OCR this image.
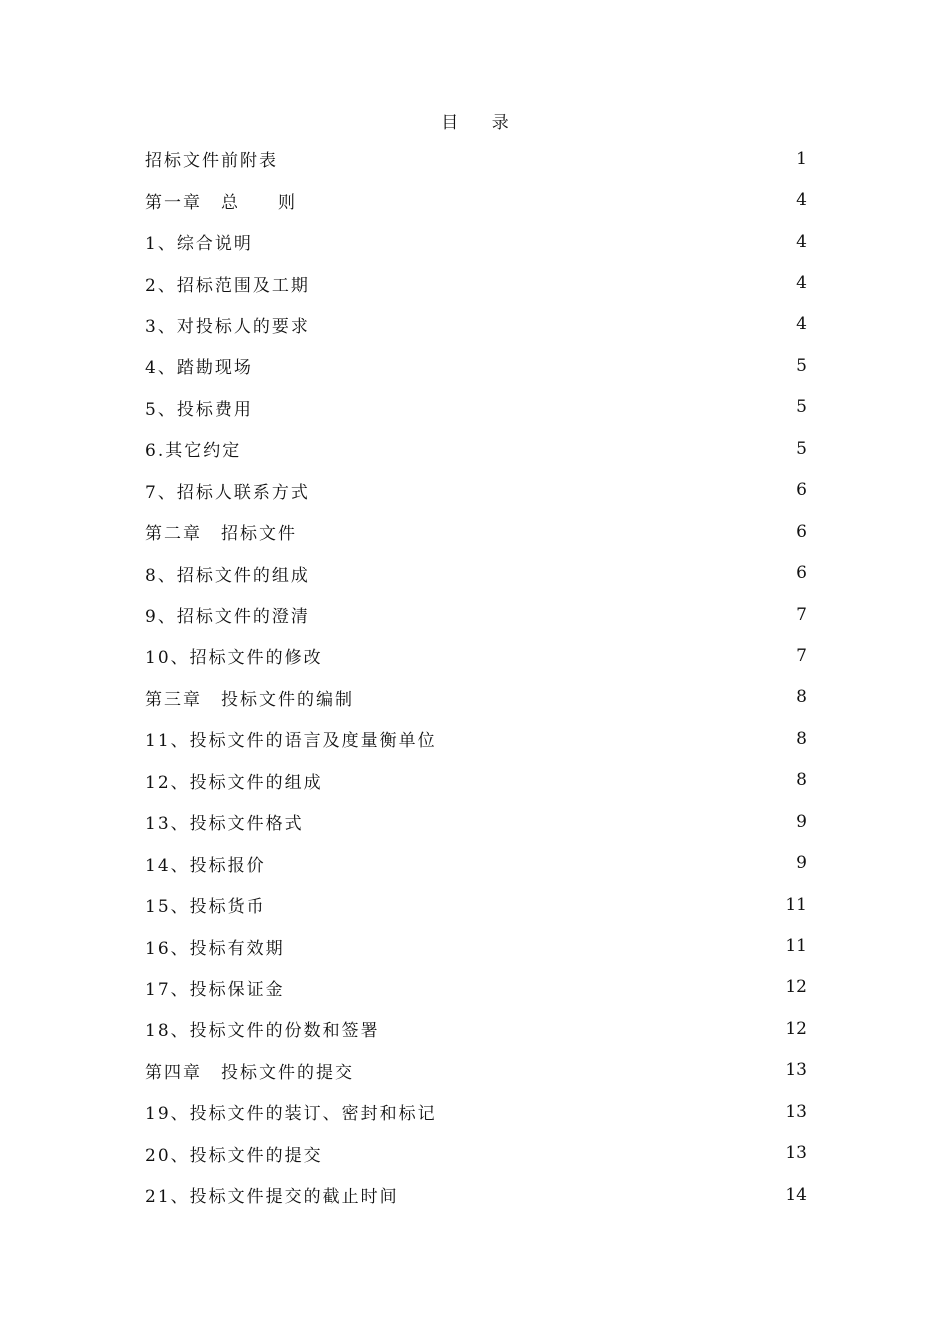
目 录
招标文件前附表	1
第一章　总　　则	4
1、综合说明	4
2、招标范围及工期	4
3、对投标人的要求	4
4、踏勘现场	5
5、投标费用	5
6.其它约定	5
7、招标人联系方式	6
第二章　招标文件	6
8、招标文件的组成	6
9、招标文件的澄清	7
10、招标文件的修改	7
第三章　投标文件的编制	8
11、投标文件的语言及度量衡单位	8
12、投标文件的组成	8
13、投标文件格式	9
14、投标报价	9
15、投标货币	11
16、投标有效期	11
17、投标保证金	12
18、投标文件的份数和签署	12
第四章　投标文件的提交	13
19、投标文件的装订、密封和标记	13
20、投标文件的提交	13
21、投标文件提交的截止时间	14
